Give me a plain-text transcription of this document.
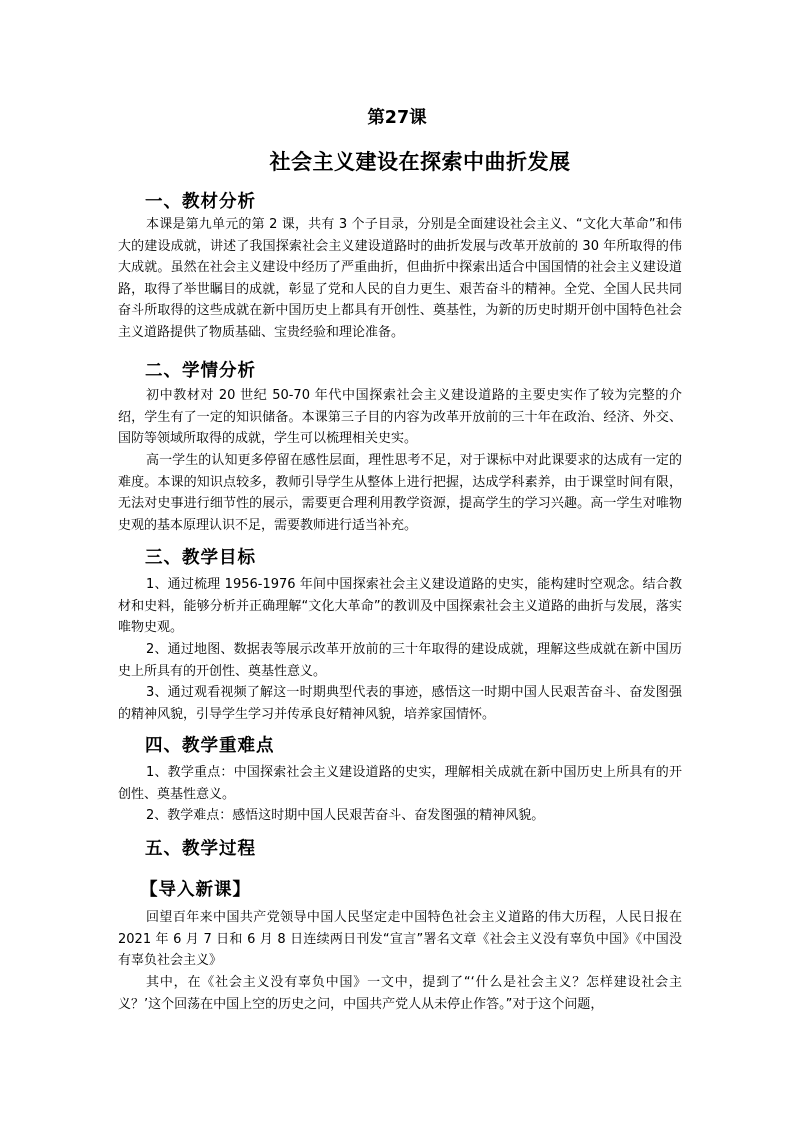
第27课
社会主义建设在探索中曲折发展
一、教材分析

本课是第九单元的第 2 课，共有 3 个子目录，分别是全面建设社会主义、“文化大革命”和伟大的建设成就，讲述了我国探索社会主义建设道路时的曲折发展与改革开放前的 30 年所取得的伟大成就。虽然在社会主义建设中经历了严重曲折，但曲折中探索出适合中国国情的社会主义建设道路，取得了举世瞩目的成就，彰显了党和人民的自力更生、艰苦奋斗的精神。全党、全国人民共同奋斗所取得的这些成就在新中国历史上都具有开创性、奠基性，为新的历史时期开创中国特色社会主义道路提供了物质基础、宝贵经验和理论准备。

二、学情分析

初中教材对 20 世纪 50-70 年代中国探索社会主义建设道路的主要史实作了较为完整的介绍，学生有了一定的知识储备。本课第三子目的内容为改革开放前的三十年在政治、经济、外交、国防等领域所取得的成就，学生可以梳理相关史实。

高一学生的认知更多停留在感性层面，理性思考不足，对于课标中对此课要求的达成有一定的难度。本课的知识点较多，教师引导学生从整体上进行把握，达成学科素养，由于课堂时间有限，无法对史事进行细节性的展示，需要更合理利用教学资源，提高学生的学习兴趣。高一学生对唯物史观的基本原理认识不足，需要教师进行适当补充。

三、教学目标

1、通过梳理 1956-1976 年间中国探索社会主义建设道路的史实，能构建时空观念。结合教材和史料，能够分析并正确理解“文化大革命”的教训及中国探索社会主义道路的曲折与发展，落实唯物史观。

2、通过地图、数据表等展示改革开放前的三十年取得的建设成就，理解这些成就在新中国历史上所具有的开创性、奠基性意义。

3、通过观看视频了解这一时期典型代表的事迹，感悟这一时期中国人民艰苦奋斗、奋发图强的精神风貌，引导学生学习并传承良好精神风貌，培养家国情怀。

四、教学重难点

1、教学重点：中国探索社会主义建设道路的史实，理解相关成就在新中国历史上所具有的开创性、奠基性意义。

2、教学难点：感悟这时期中国人民艰苦奋斗、奋发图强的精神风貌。

五、教学过程
【导入新课】

回望百年来中国共产党领导中国人民坚定走中国特色社会主义道路的伟大历程，人民日报在 2021 年 6 月 7 日和 6 月 8 日连续两日刊发“宣言”署名文章《社会主义没有辜负中国》《中国没有辜负社会主义》

其中，在《社会主义没有辜负中国》一文中，提到了“‘什么是社会主义？怎样建设社会主义？’这个回荡在中国上空的历史之问，中国共产党人从未停止作答。”对于这个问题，
